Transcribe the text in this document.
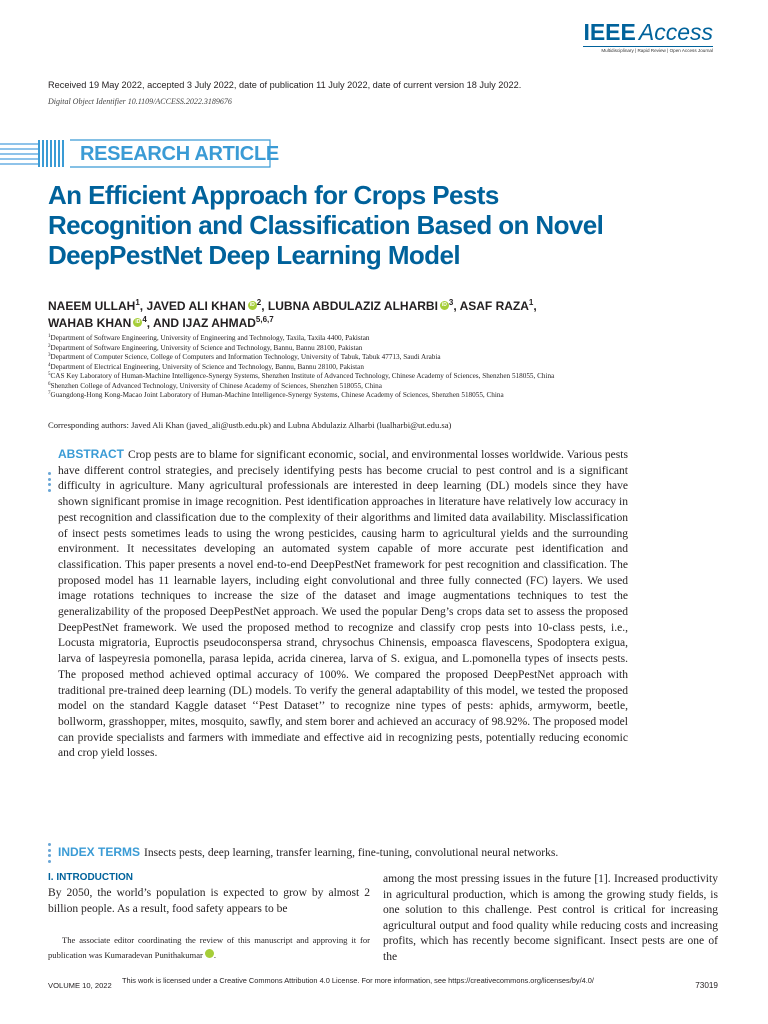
IEEE Access
Multidisciplinary | Rapid Review | Open Access Journal
Received 19 May 2022, accepted 3 July 2022, date of publication 11 July 2022, date of current version 18 July 2022.
Digital Object Identifier 10.1109/ACCESS.2022.3189676
RESEARCH ARTICLE
An Efficient Approach for Crops Pests
Recognition and Classification Based on Novel
DeepPestNet Deep Learning Model
NAEEM ULLAH$^1$, JAVED ALI KHAN iD $^2$, LUBNA ABDULAZIZ ALHARBI iD $^3$, ASAF RAZA$^1$,
WAHAB KHAN iD $^4$, AND IJAZ AHMAD$^{5,6,7}$
$^1$Department of Software Engineering, University of Engineering and Technology, Taxila, Taxila 4400, Pakistan
$^2$Department of Software Engineering, University of Science and Technology, Bannu, Bannu 28100, Pakistan
$^3$Department of Computer Science, College of Computers and Information Technology, University of Tabuk, Tabuk 47713, Saudi Arabia
$^4$Department of Electrical Engineering, University of Science and Technology, Bannu, Bannu 28100, Pakistan
$^5$CAS Key Laboratory of Human-Machine Intelligence-Synergy Systems, Shenzhen Institute of Advanced Technology, Chinese Academy of Sciences, Shenzhen 518055, China
$^6$Shenzhen College of Advanced Technology, University of Chinese Academy of Sciences, Shenzhen 518055, China
$^7$Guangdong-Hong Kong-Macao Joint Laboratory of Human-Machine Intelligence-Synergy Systems, Chinese Academy of Sciences, Shenzhen 518055, China
Corresponding authors: Javed Ali Khan (javed_ali@ustb.edu.pk) and Lubna Abdulaziz Alharbi (lualharbi@ut.edu.sa)
ABSTRACT Crop pests are to blame for significant economic, social, and environmental losses worldwide. Various pests have different control strategies, and precisely identifying pests has become crucial to pest control and is a significant difficulty in agriculture. Many agricultural professionals are interested in deep learning (DL) models since they have shown significant promise in image recognition. Pest identification approaches in literature have relatively low accuracy in pest recognition and classification due to the complexity of their algorithms and limited data availability. Misclassification of insect pests sometimes leads to using the wrong pesticides, causing harm to agricultural yields and the surrounding environment. It necessitates developing an automated system capable of more accurate pest identification and classification. This paper presents a novel end-to-end DeepPestNet framework for pest recognition and classification. The proposed model has 11 learnable layers, including eight convolutional and three fully connected (FC) layers. We used image rotations techniques to increase the size of the dataset and image augmentations techniques to test the generalizability of the proposed DeepPestNet approach. We used the popular Deng’s crops data set to assess the proposed DeepPestNet framework. We used the proposed method to recognize and classify crop pests into 10-class pests, i.e., Locusta migratoria, Euproctis pseudoconspersa strand, chrysochus Chinensis, empoasca flavescens, Spodoptera exigua, larva of laspeyresia pomonella, parasa lepida, acrida cinerea, larva of S. exigua, and L.pomonella types of insects pests. The proposed method achieved optimal accuracy of 100%. We compared the proposed DeepPestNet approach with traditional pre-trained deep learning (DL) models. To verify the general adaptability of this model, we tested the proposed model on the standard Kaggle dataset ‘‘Pest Dataset’’ to recognize nine types of pests: aphids, armyworm, beetle, bollworm, grasshopper, mites, mosquito, sawfly, and stem borer and achieved an accuracy of 98.92%. The proposed model can provide specialists and farmers with immediate and effective aid in recognizing pests, potentially reducing economic and crop yield losses.
INDEX TERMS Insects pests, deep learning, transfer learning, fine-tuning, convolutional neural networks.
I. INTRODUCTION
By 2050, the world’s population is expected to grow by almost 2 billion people. As a result, food safety appears to be
The associate editor coordinating the review of this manuscript and approving it for publication was Kumaradevan Punithakumar	iD.
among the most pressing issues in the future [1]. Increased productivity in agricultural production, which is among the growing study fields, is one solution to this challenge. Pest control is critical for increasing agricultural output and food quality while reducing costs and increasing profits, which has recently become significant. Insect pests are one of the
VOLUME 10, 2022
This work is licensed under a Creative Commons Attribution 4.0 License. For more information, see https://creativecommons.org/licenses/by/4.0/
73019
